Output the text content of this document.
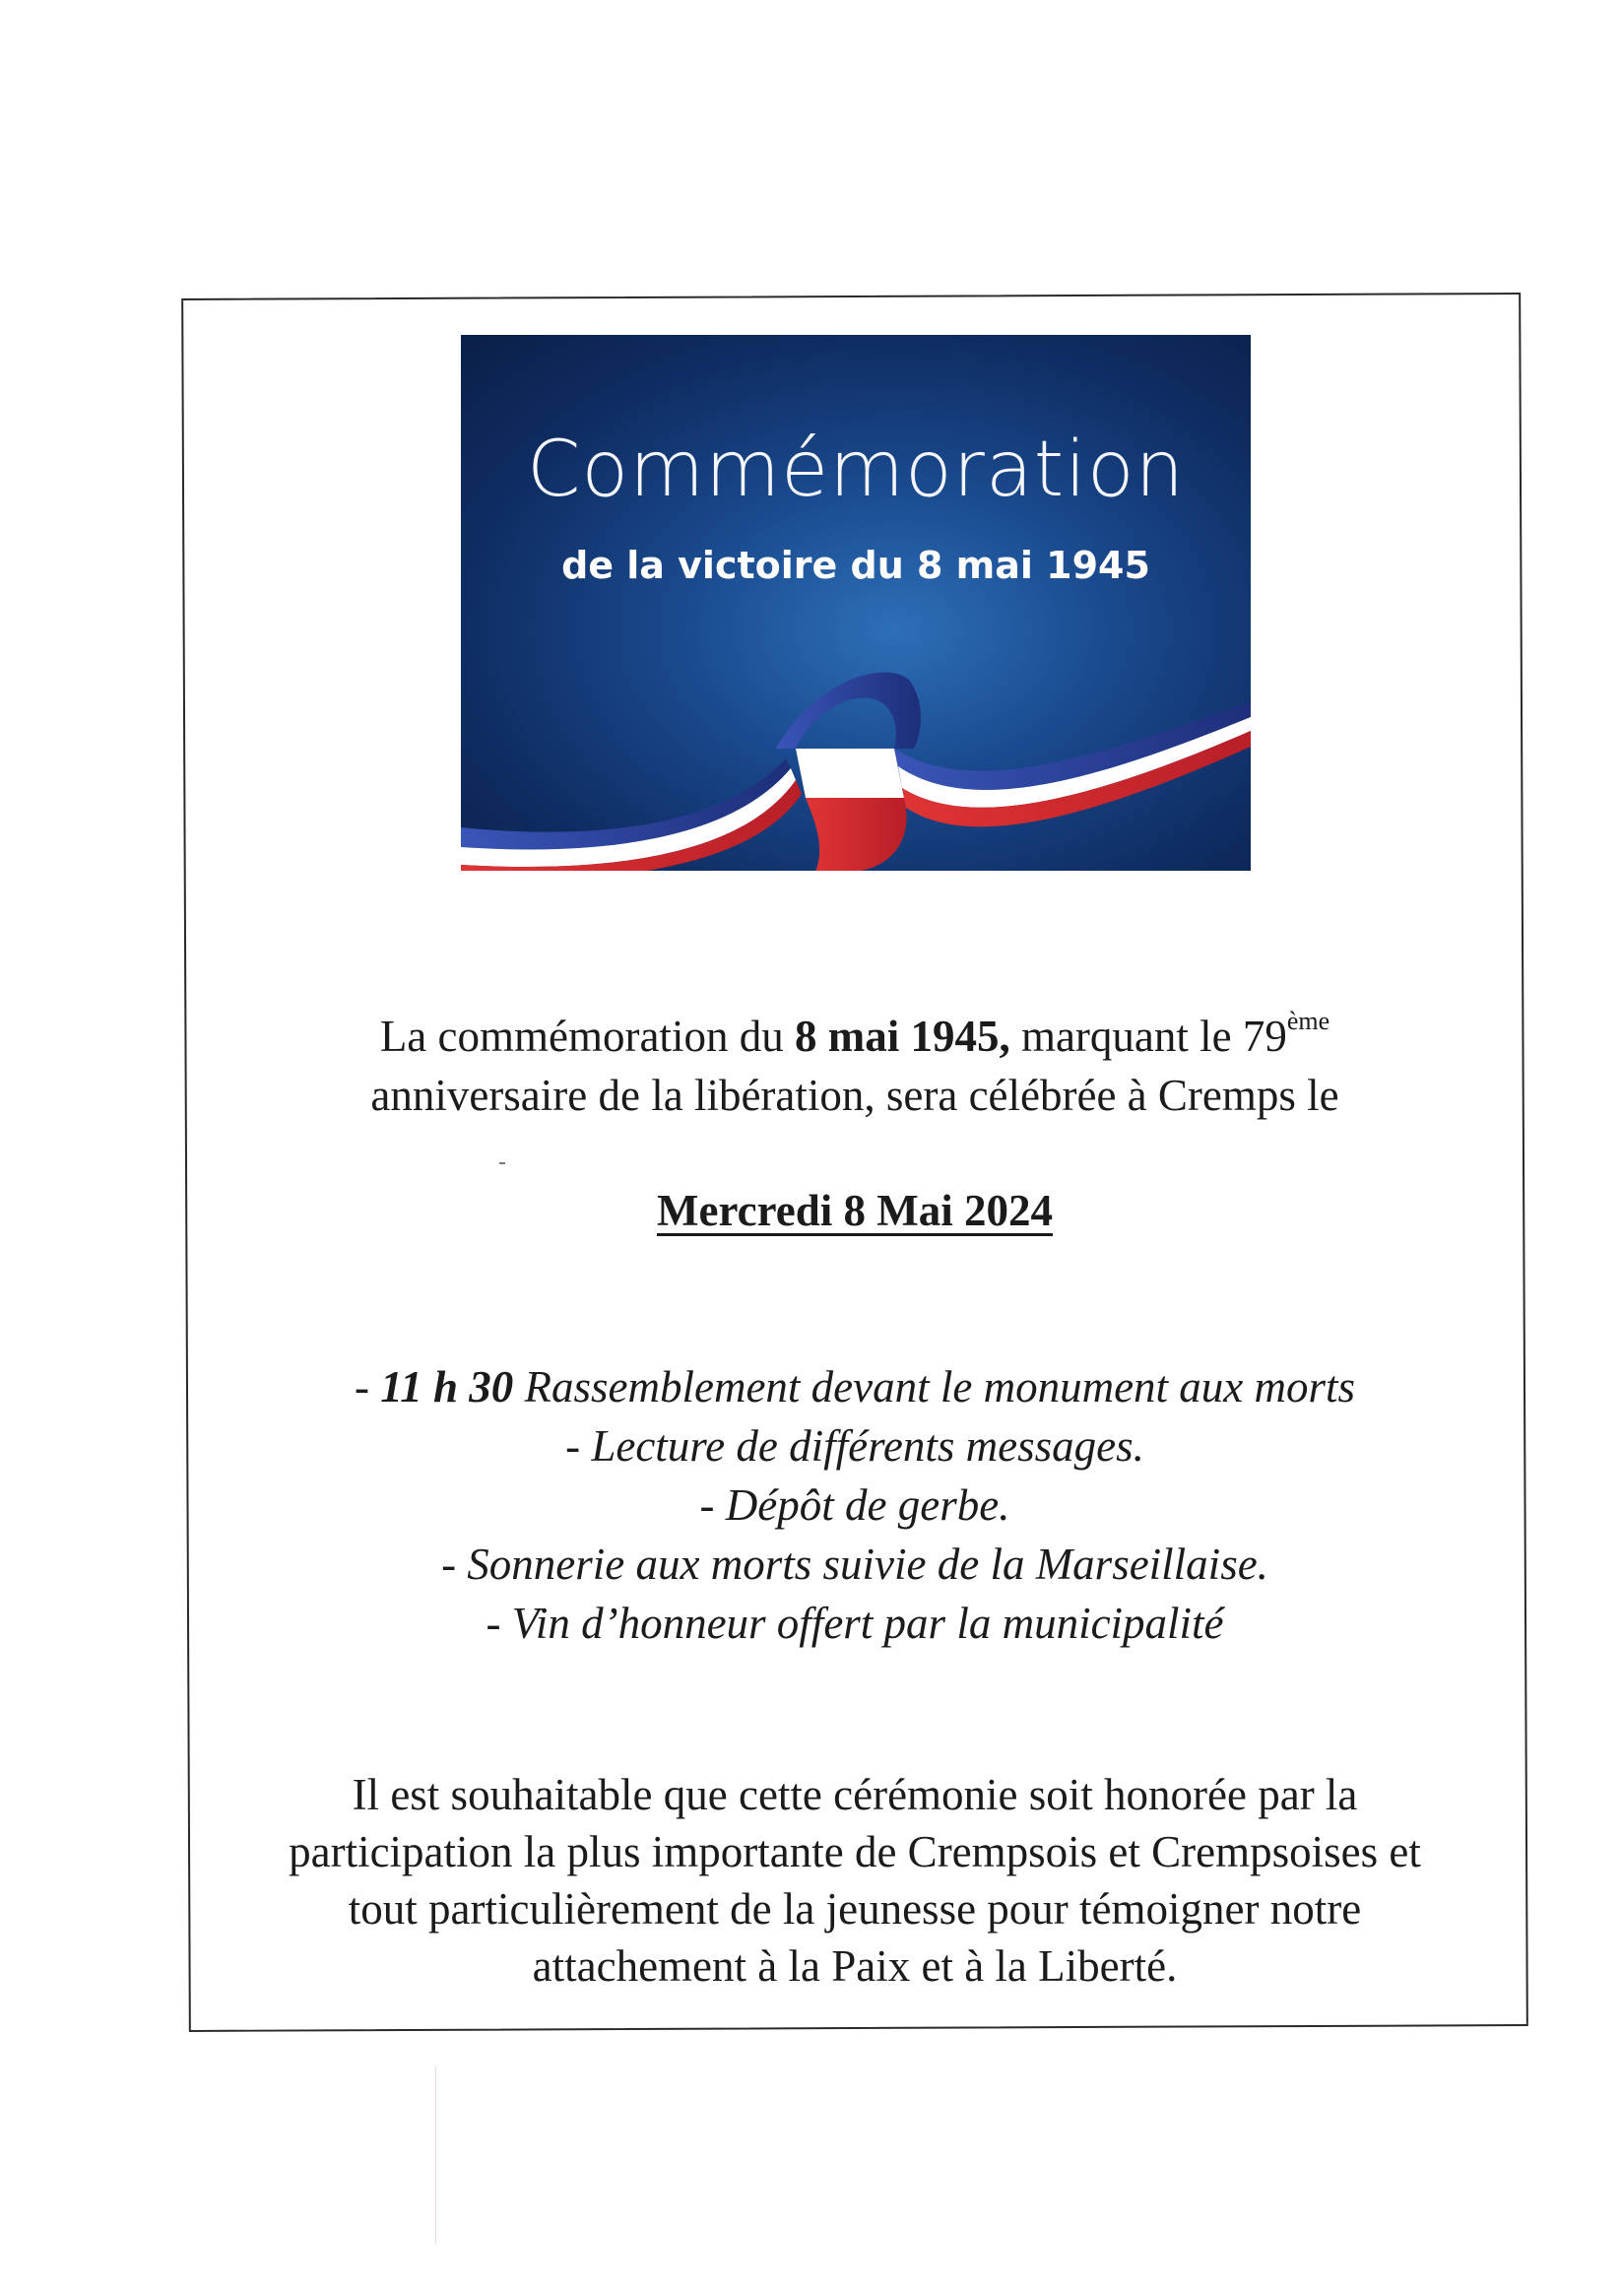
Commémoration
de la victoire du 8 mai 1945
La commémoration du 8 mai 1945, marquant le 79ème
anniversaire de la libération, sera célébrée à Cremps le
Mercredi 8 Mai 2024
- 11 h 30 Rassemblement devant le monument aux morts
- Lecture de différents messages.
- Dépôt de gerbe.
- Sonnerie aux morts suivie de la Marseillaise.
- Vin d’honneur offert par la municipalité
Il est souhaitable que cette cérémonie soit honorée par la
participation la plus importante de Crempsois et Crempsoises et
tout particulièrement de la jeunesse pour témoigner notre
attachement à la Paix et à la Liberté.
